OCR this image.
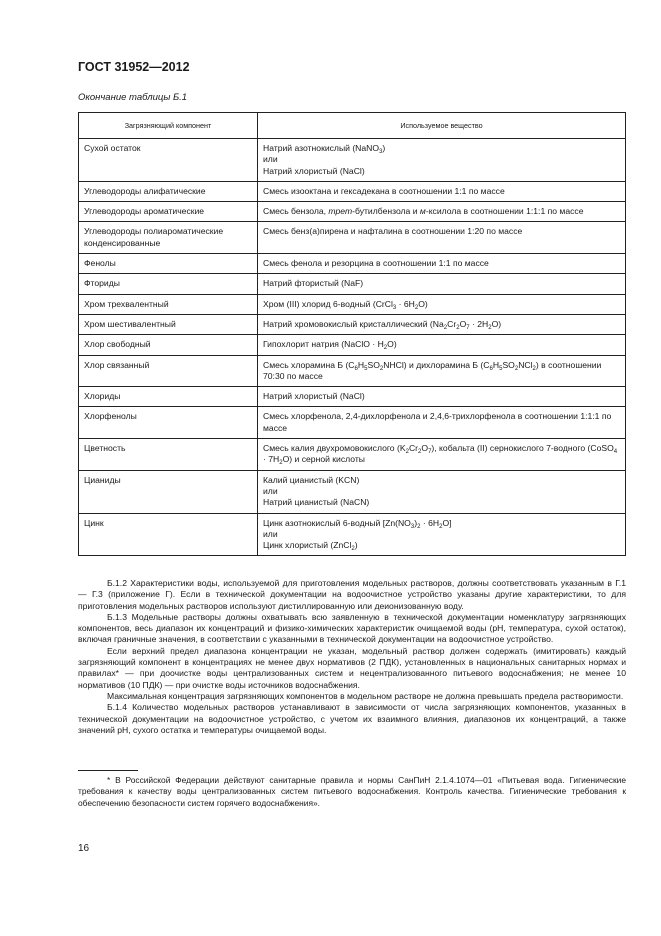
ГОСТ 31952—2012
Окончание таблицы Б.1
Загрязняющий компонент	Используемое вещество
Сухой остаток	Натрий азотнокислый (NaNO$_3$)
или
Натрий хлористый (NaCl)
Углеводороды алифатические	Смесь изооктана и гексадекана в соотношении 1:1 по массе
Углеводороды ароматические	Смесь бензола, трет-бутилбензола и м-ксилола в соотношении 1:1:1 по массе
Углеводороды полиароматические конденсированные	Смесь бенз(а)пирена и нафталина в соотношении 1:20 по массе
Фенолы	Смесь фенола и резорцина в соотношении 1:1 по массе
Фториды	Натрий фтористый (NaF)
Хром трехвалентный	Хром (III) хлорид 6-водный (CrCl$_3$ · $6H_2O$)
Хром шестивалентный	Натрий хромовокислый кристаллический $(Na_2Cr_2O_7 \cdot 2H_2O)$
Хлор свободный	Гипохлорит натрия (NaClO · $H_2O$)
Хлор связанный	Смесь хлорамина Б $(C_6H_5SO_2NHCl)$ и дихлорамина Б $(C_6H_5SO_2NCl_2)$ в соотношении 70:30 по массе
Хлориды	Натрий хлористый (NaCl)
Хлорфенолы	Смесь хлорфенола, 2,4-дихлорфенола и 2,4,6-трихлорфенола в соотношении 1:1:1 по массе
Цветность	Смесь калия двухромовокислого $(K_2Cr_2O_7)$, кобальта (II) сернокислого 7-водного (CoSO$_4$ · $7H_2O$) и серной кислоты
Цианиды	Калий цианистый (KCN)
или
Натрий цианистый (NaCN)
Цинк	Цинк азотнокислый 6-водный $[Zn(NO_3)_2 \cdot 6H_2O]$
или
Цинк хлористый (ZnCl$_2$)

Б.1.2 Характеристики воды, используемой для приготовления модельных растворов, должны соответствовать указанным в Г.1 — Г.3 (приложение Г). Если в технической документации на водоочистное устройство указаны другие характеристики, то для приготовления модельных растворов используют дистиллированную или деионизованную воду.

Б.1.3 Модельные растворы должны охватывать всю заявленную в технической документации номенклатуру загрязняющих компонентов, весь диапазон их концентраций и физико-химических характеристик очищаемой воды (pH, температура, сухой остаток), включая граничные значения, в соответствии с указанными в технической документации на водоочистное устройство.

Если верхний предел диапазона концентрации не указан, модельный раствор должен содержать (имитировать) каждый загрязняющий компонент в концентрациях не менее двух нормативов (2 ПДК), установленных в национальных санитарных нормах и правилах* — при доочистке воды централизованных систем и нецентрализованного питьевого водоснабжения; не менее 10 нормативов (10 ПДК) — при очистке воды источников водоснабжения.

Максимальная концентрация загрязняющих компонентов в модельном растворе не должна превышать предела растворимости.

Б.1.4 Количество модельных растворов устанавливают в зависимости от числа загрязняющих компонентов, указанных в технической документации на водоочистное устройство, с учетом их взаимного влияния, диапазонов их концентраций, а также значений pH, сухого остатка и температуры очищаемой воды.

* В Российской Федерации действуют санитарные правила и нормы СанПиН 2.1.4.1074—01 «Питьевая вода. Гигиенические требования к качеству воды централизованных систем питьевого водоснабжения. Контроль качества. Гигиенические требования к обеспечению безопасности систем горячего водоснабжения».

16
